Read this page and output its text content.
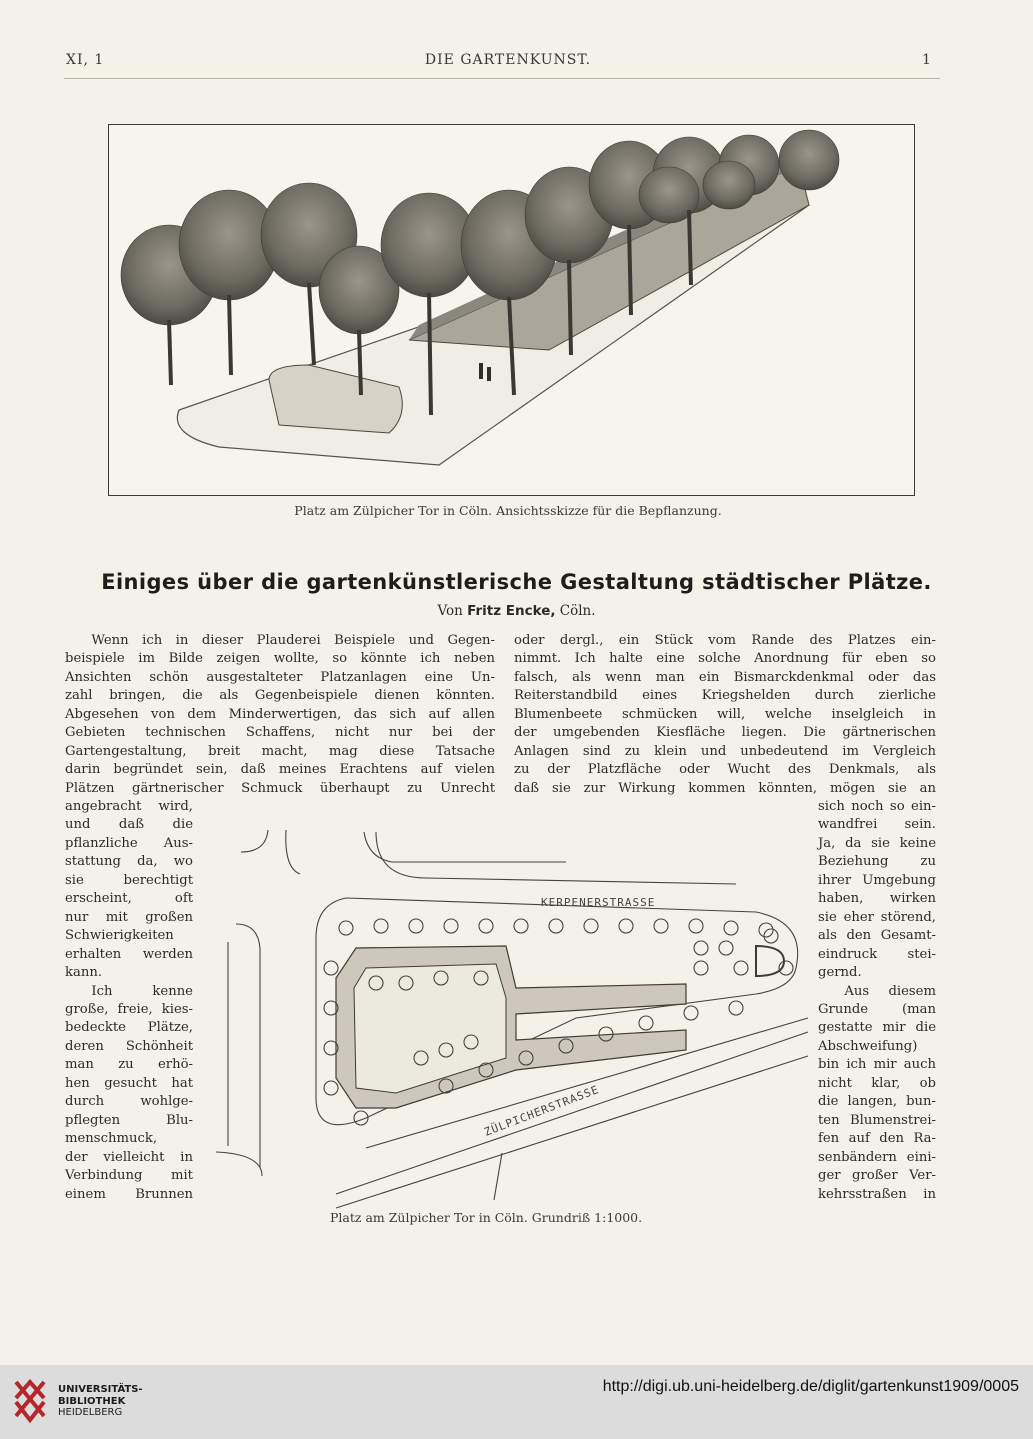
XI, 1	DIE GARTENKUNST.	1
Platz am Zülpicher Tor in Cöln. Ansichtsskizze für die Bepflanzung.
Einiges über die gartenkünstlerische Gestaltung städtischer Plätze.
Von Fritz Encke, Cöln.
Wenn ich in dieser Plauderei Beispiele und Gegen-
beispiele im Bilde zeigen wollte, so könnte ich neben
Ansichten schön ausgestalteter Platzanlagen eine Un-
zahl bringen, die als Gegenbeispiele dienen könnten.
Abgesehen von dem Minderwertigen, das sich auf allen
Gebieten technischen Schaffens, nicht nur bei der
Gartengestaltung, breit macht, mag diese Tatsache
darin begründet sein, daß meines Erachtens auf vielen
Plätzen gärtnerischer Schmuck überhaupt zu Unrecht
angebracht wird,
und daß die
pflanzliche Aus-
stattung da, wo
sie berechtigt
erscheint, oft
nur mit großen
Schwierigkeiten
erhalten werden
kann.
Ich kenne
große, freie, kies-
bedeckte Plätze,
deren Schönheit
man zu erhö-
hen gesucht hat
durch wohlge-
pflegten Blu-
menschmuck,
der vielleicht in
Verbindung mit
einem Brunnen
oder dergl., ein Stück vom Rande des Platzes ein-
nimmt. Ich halte eine solche Anordnung für eben so
falsch, als wenn man ein Bismarckdenkmal oder das
Reiterstandbild eines Kriegshelden durch zierliche
Blumenbeete schmücken will, welche inselgleich in
der umgebenden Kiesfläche liegen. Die gärtnerischen
Anlagen sind zu klein und unbedeutend im Vergleich
zu der Platzfläche oder Wucht des Denkmals, als
daß sie zur Wirkung kommen könnten, mögen sie an
sich noch so ein-
wandfrei sein.
Ja, da sie keine
Beziehung zu
ihrer Umgebung
haben, wirken
sie eher störend,
als den Gesamt-
eindruck stei-
gernd.
Aus diesem
Grunde (man
gestatte mir die
Abschweifung)
bin ich mir auch
nicht klar, ob
die langen, bun-
ten Blumenstrei-
fen auf den Ra-
senbändern eini-
ger großer Ver-
kehrsstraßen in
KERPENERSTRASSE
ZÜLPICHERSTRASSE
Platz am Zülpicher Tor in Cöln. Grundriß 1:1000.
UNIVERSITÄTS-
BIBLIOTHEK
HEIDELBERG
http://digi.ub.uni-heidelberg.de/diglit/gartenkunst1909/0005
